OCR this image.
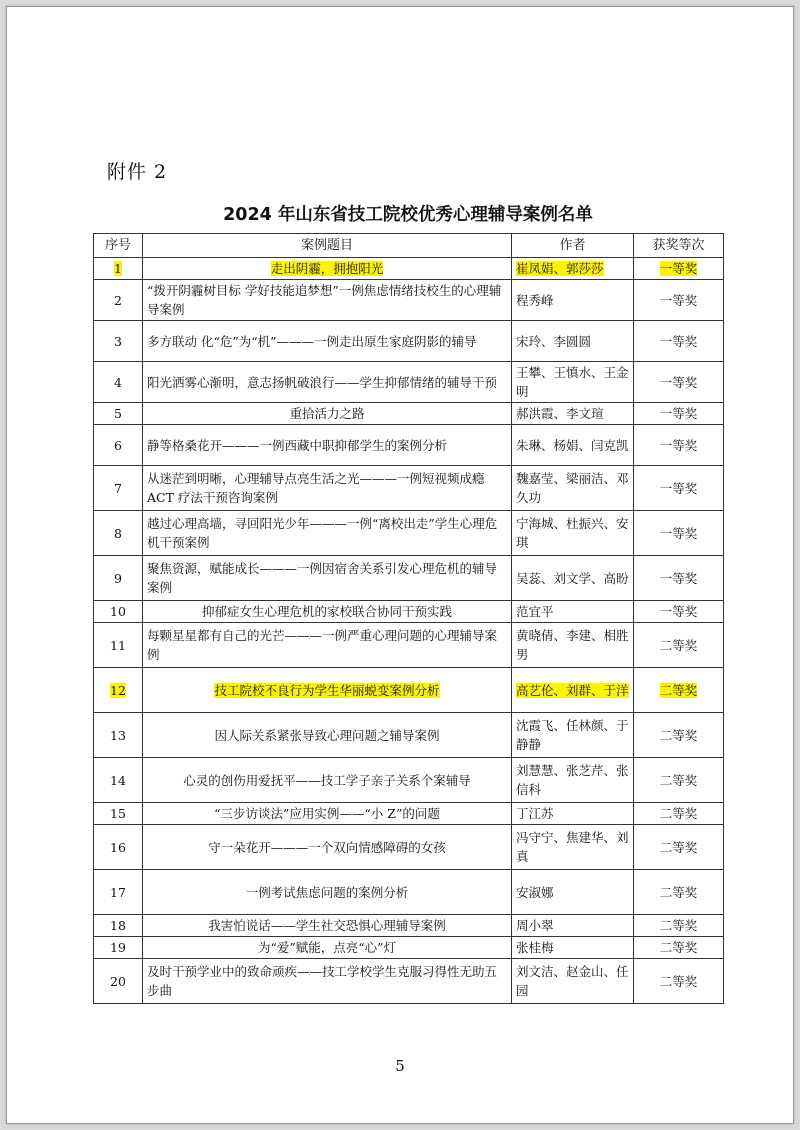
附件 2
2024 年山东省技工院校优秀心理辅导案例名单
序号	案例题目	作者	获奖等次
1	走出阴霾，拥抱阳光	崔凤娟、郭莎莎	一等奖
2	“拨开阴霾树目标 学好技能追梦想”一例焦虑情绪技校生的心理辅导案例	程秀峰	一等奖
3	多方联动 化“危”为“机”———一例走出原生家庭阴影的辅导	宋玲、李圆圆	一等奖
4	阳光洒雾心渐明，意志扬帆破浪行——学生抑郁情绪的辅导干预	王攀、王慎水、王金明	一等奖
5	重拾活力之路	郝洪霞、李文瑄	一等奖
6	静等格桑花开———一例西藏中职抑郁学生的案例分析	朱琳、杨娟、闫克凯	一等奖
7	从迷茫到明晰，心理辅导点亮生活之光———一例短视频成瘾 ACT 疗法干预咨询案例	魏嘉莹、梁丽洁、邓久功	一等奖
8	越过心理高墙，寻回阳光少年———一例“离校出走”学生心理危机干预案例	宁海城、杜振兴、安琪	一等奖
9	聚焦资源，赋能成长———一例因宿舍关系引发心理危机的辅导案例	吴蕊、刘文学、高盼	一等奖
10	抑郁症女生心理危机的家校联合协同干预实践	范宜平	一等奖
11	每颗星星都有自己的光芒———一例严重心理问题的心理辅导案例	黄晓倩、李建、相胜男	二等奖
12	技工院校不良行为学生华丽蜕变案例分析	高艺伦、刘群、于洋	二等奖
13	因人际关系紧张导致心理问题之辅导案例	沈霞飞、任林颜、于静静	二等奖
14	心灵的创伤用爱抚平——技工学子亲子关系个案辅导	刘慧慧、张芝芹、张信科	二等奖
15	“三步访谈法”应用实例——“小 Z”的问题	丁江苏	二等奖
16	守一朵花开———一个双向情感障碍的女孩	冯守宁、焦建华、刘真	二等奖
17	一例考试焦虑问题的案例分析	安淑娜	二等奖
18	我害怕说话——学生社交恐惧心理辅导案例	周小翠	二等奖
19	为“爱”赋能，点亮“心”灯	张桂梅	二等奖
20	及时干预学业中的致命顽疾——技工学校学生克服习得性无助五步曲	刘文洁、赵金山、任园	二等奖
5
